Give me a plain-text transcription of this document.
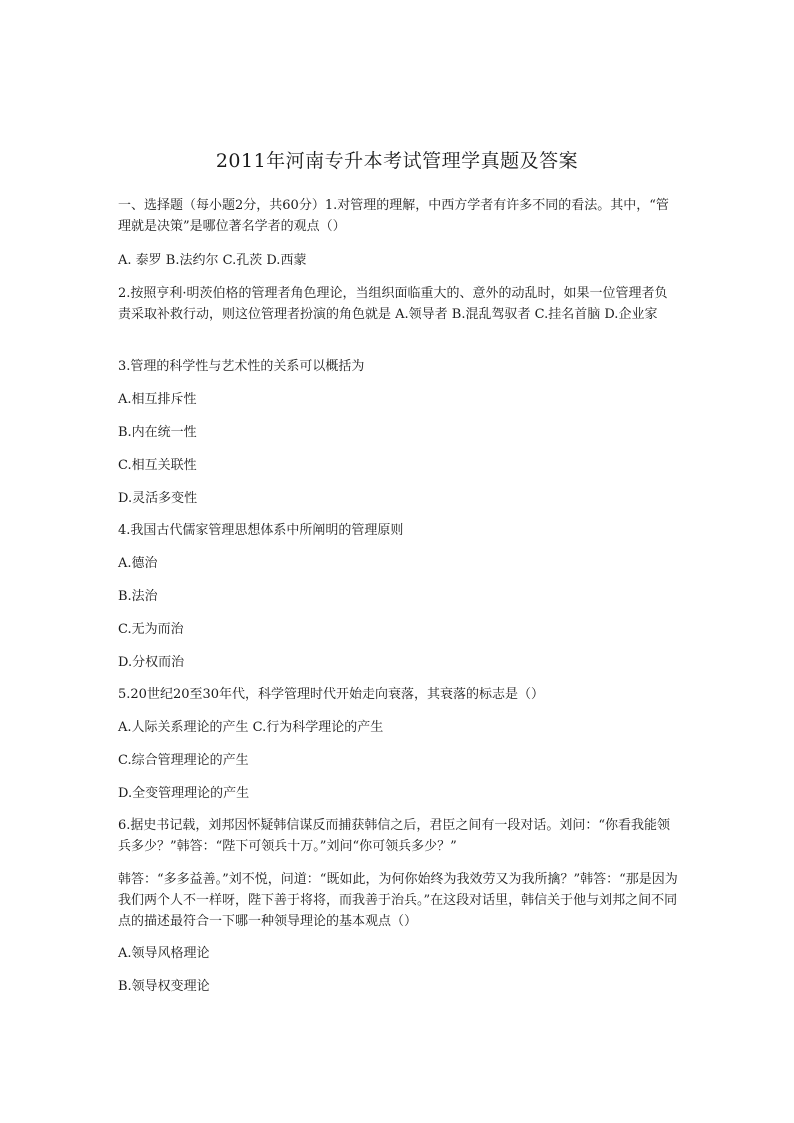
2011年河南专升本考试管理学真题及答案

一、选择题（每小题2分，共60分）1.对管理的理解，中西方学者有许多不同的看法。其中，“管理就是决策”是哪位著名学者的观点（）

A. 泰罗 B.法约尔 C.孔茨 D.西蒙

2.按照亨利·明茨伯格的管理者角色理论，当组织面临重大的、意外的动乱时，如果一位管理者负责采取补救行动，则这位管理者扮演的角色就是 A.领导者 B.混乱驾驭者 C.挂名首脑 D.企业家

3.管理的科学性与艺术性的关系可以概括为

A.相互排斥性

B.内在统一性

C.相互关联性

D.灵活多变性

4.我国古代儒家管理思想体系中所阐明的管理原则

A.德治

B.法治

C.无为而治

D.分权而治

5.20世纪20至30年代，科学管理时代开始走向衰落，其衰落的标志是（）

A.人际关系理论的产生 C.行为科学理论的产生

C.综合管理理论的产生

D.全变管理理论的产生

6.据史书记载，刘邦因怀疑韩信谋反而捕获韩信之后，君臣之间有一段对话。刘问：“你看我能领兵多少？”韩答：“陛下可领兵十万。”刘问“你可领兵多少？”

韩答：“多多益善。”刘不悦，问道：“既如此，为何你始终为我效劳又为我所擒？”韩答：“那是因为我们两个人不一样呀，陛下善于将将，而我善于治兵。”在这段对话里，韩信关于他与刘邦之间不同点的描述最符合一下哪一种领导理论的基本观点（）

A.领导风格理论

B.领导权变理论
